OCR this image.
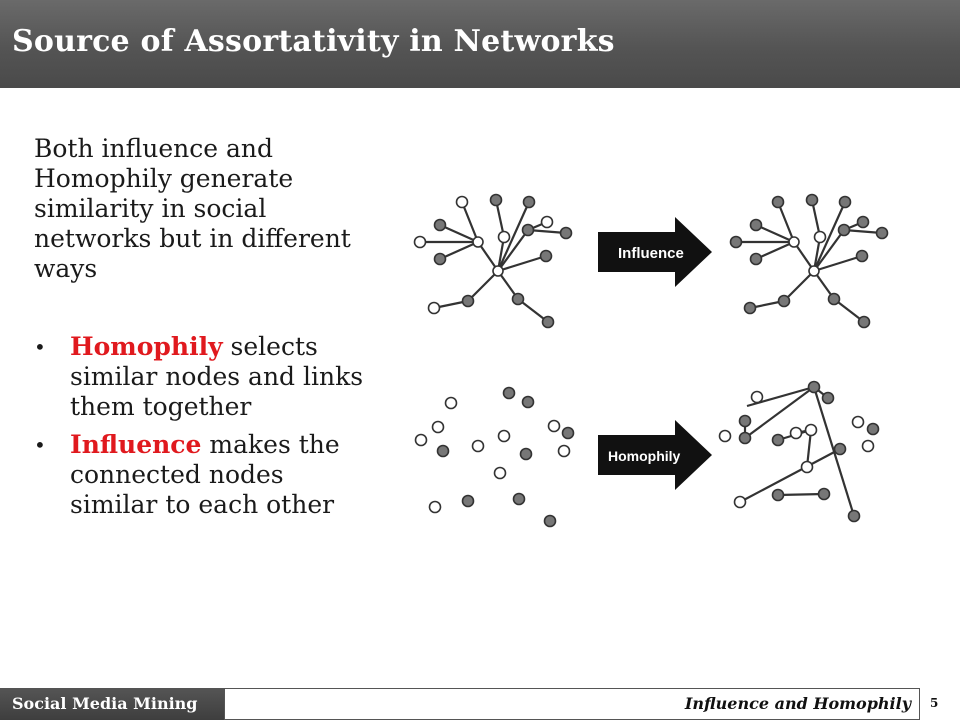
Source of Assortativity in Networks
Both influence and Homophily generate similarity in social networks but in different ways
• Homophily selects similar nodes and links them together
• Influence makes the connected nodes similar to each other
Influence
Homophily
Social Media Mining	Influence and Homophily 5
